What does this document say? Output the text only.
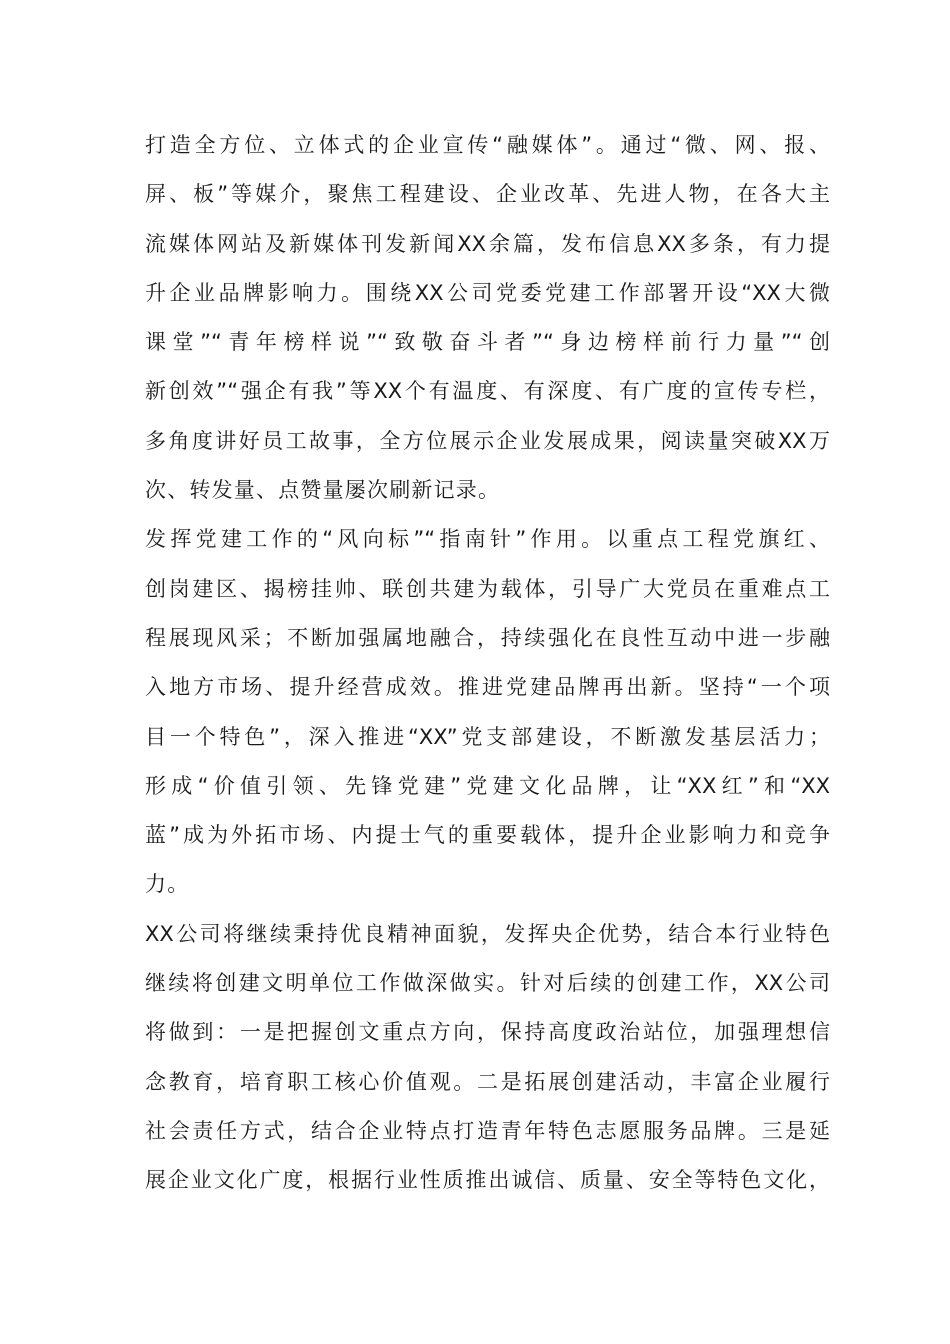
打造全方位、立体式的企业宣传“融媒体”。通过“微、网、报、
屏、板”等媒介，聚焦工程建设、企业改革、先进人物，在各大主
流媒体网站及新媒体刊发新闻XX余篇，发布信息XX多条，有力提
升企业品牌影响力。围绕XX公司党委党建工作部署开设“XX大微
课堂”“青年榜样说”“致敬奋斗者”“身边榜样前行力量”“创
新创效”“强企有我”等XX个有温度、有深度、有广度的宣传专栏，
多角度讲好员工故事，全方位展示企业发展成果，阅读量突破XX万
次、转发量、点赞量屡次刷新记录。
发挥党建工作的“风向标”“指南针”作用。以重点工程党旗红、
创岗建区、揭榜挂帅、联创共建为载体，引导广大党员在重难点工
程展现风采；不断加强属地融合，持续强化在良性互动中进一步融
入地方市场、提升经营成效。推进党建品牌再出新。坚持“一个项
目一个特色”，深入推进“XX”党支部建设，不断激发基层活力；
形成“价值引领、先锋党建”党建文化品牌，让“XX红”和“XX
蓝”成为外拓市场、内提士气的重要载体，提升企业影响力和竞争
力。
XX公司将继续秉持优良精神面貌，发挥央企优势，结合本行业特色
继续将创建文明单位工作做深做实。针对后续的创建工作，XX公司
将做到：一是把握创文重点方向，保持高度政治站位，加强理想信
念教育，培育职工核心价值观。二是拓展创建活动，丰富企业履行
社会责任方式，结合企业特点打造青年特色志愿服务品牌。三是延
展企业文化广度，根据行业性质推出诚信、质量、安全等特色文化，
